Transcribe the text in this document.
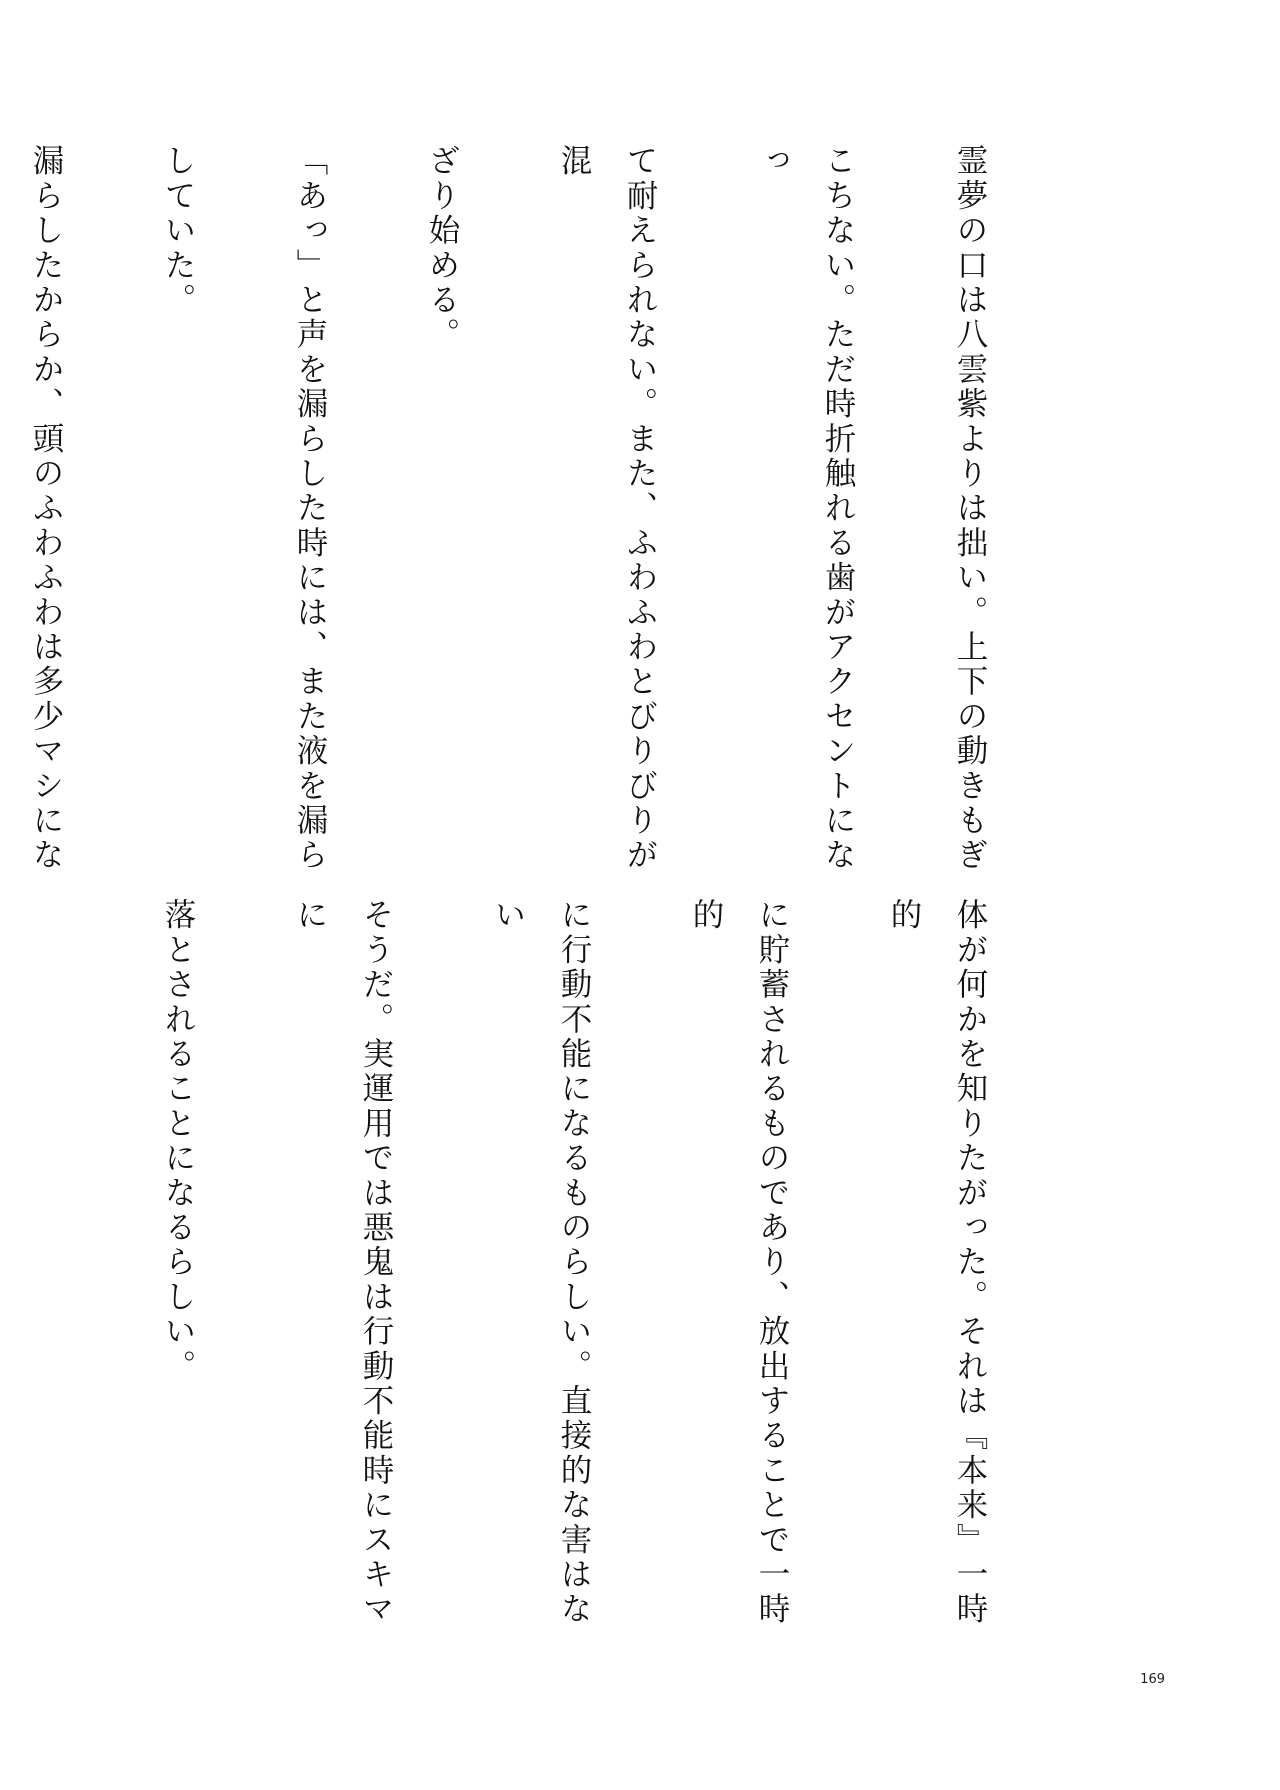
霊夢の口は八雲紫よりは拙い。上下の動きもぎ

こちない。ただ時折触れる歯がアクセントになっ

て耐えられない。また、ふわふわとびりびりが混

ざり始める。

「あっ」と声を漏らした時には、また液を漏ら

していた。

漏らしたからか、頭のふわふわは多少マシにな

体が何かを知りたがった。それは『本来』一時的

に貯蓄されるものであり、放出することで一時的

に行動不能になるものらしい。直接的な害はない

そうだ。実運用では悪鬼は行動不能時にスキマに

落とされることになるらしい。

169
